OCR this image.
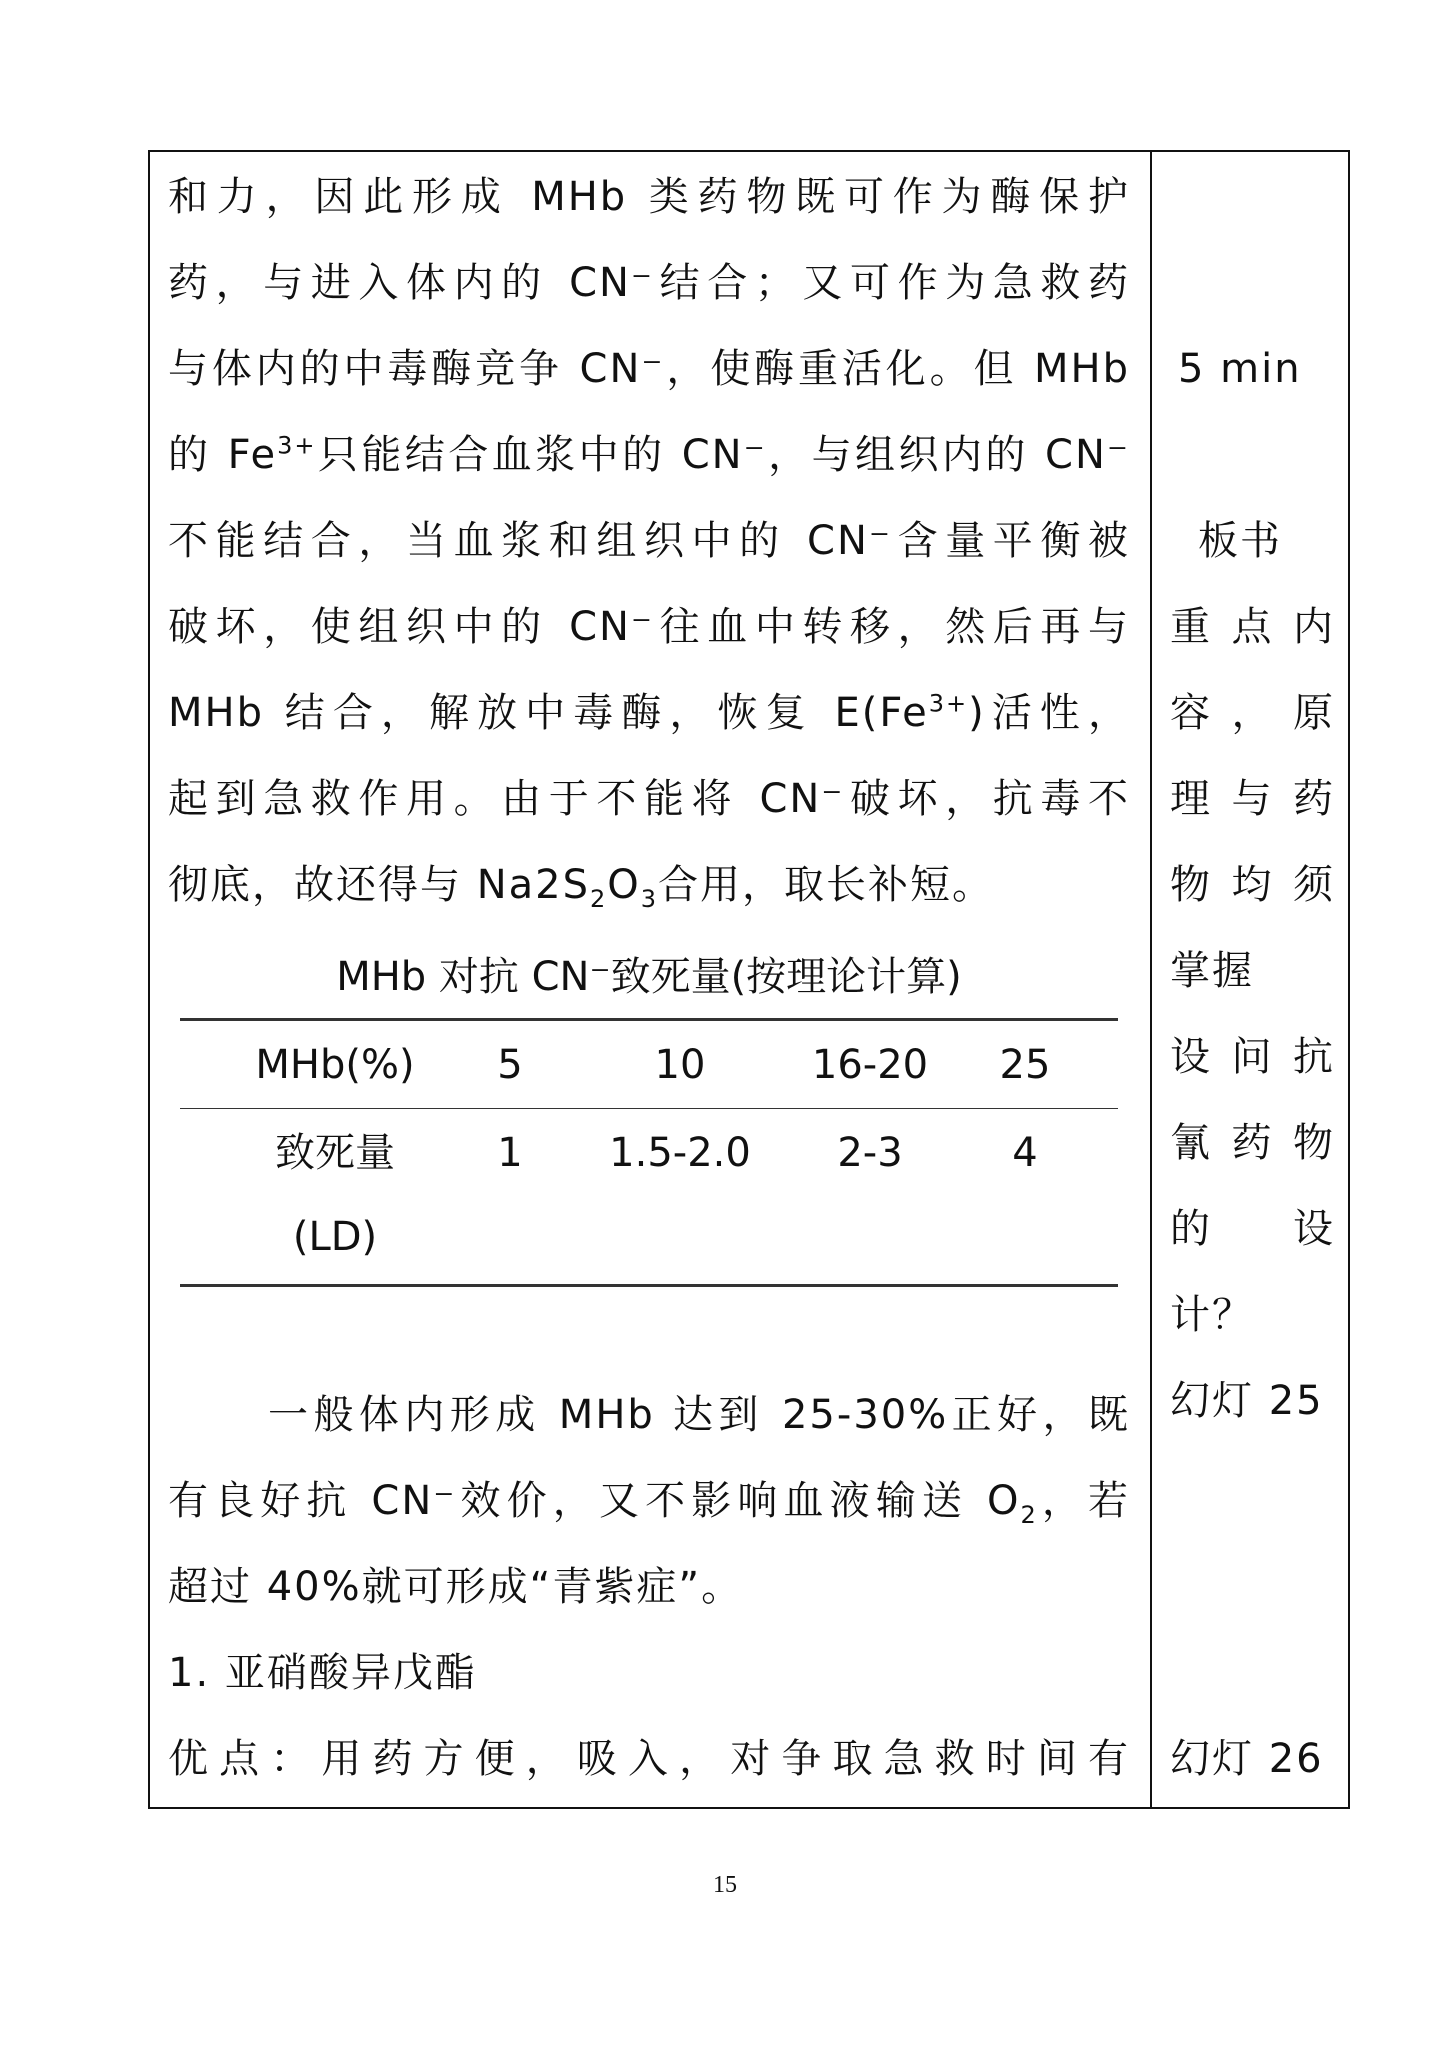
和力，因此形成 MHb 类药物既可作为酶保护
药，与进入体内的 CN⁻结合；又可作为急救药
与体内的中毒酶竞争 CN⁻，使酶重活化。但 MHb
的 $Fe^{3+}$只能结合血浆中的 CN⁻，与组织内的 CN⁻
不能结合，当血浆和组织中的 CN⁻含量平衡被
破坏，使组织中的 CN⁻往血中转移，然后再与
MHb 结合，解放中毒酶，恢复 $E(Fe^{3+})$活性，
起到急救作用。由于不能将 CN⁻破坏，抗毒不
彻底，故还得与 $Na2S_2O_3$合用，取长补短。
MHb 对抗 CN⁻致死量(按理论计算)
MHb(%)	5	10	16-20	25
致死量
(LD)
1	1.5-2.0	2-3	4
一般体内形成 MHb 达到 25-30%正好，既
有良好抗 CN⁻效价，又不影响血液输送 $O_2$，若
超过 40%就可形成“青紫症”。
1. 亚硝酸异戊酯
优点：用药方便，吸入，对争取急救时间有
5 min
板书
重点内
容，原
理与药
物均须
掌握
设问抗
氰药物
的 设
计？
幻灯 25
幻灯 26
15
